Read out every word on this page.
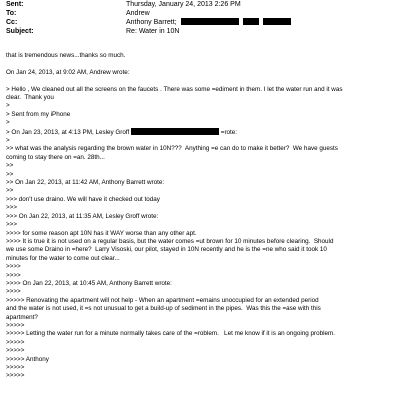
Sent:	Thursday, January 24, 2013 2:26 PM
To:	Andrew
Cc:	Anthony Barrett;
Subject:	Re: Water in 10N
that is tremendous news...thanks so much.
On Jan 24, 2013, at 9:02 AM, Andrew wrote:
> Hello , We cleaned out all the screens on the faucets . There was some =ediment in them. I let the water run and it was
clear.  Thank you
>
> Sent from my iPhone
>
> On Jan 23, 2013, at 4:13 PM, Lesley Groff	=rote:
>
>> what was the analysis regarding the brown water in 10N???  Anything =e can do to make it better?  We have guests
coming to stay there on =an. 28th...
>>
>>
>> On Jan 22, 2013, at 11:42 AM, Anthony Barrett wrote:
>>
>>> don't use draino. We will have it checked out today
>>>
>>> On Jan 22, 2013, at 11:35 AM, Lesley Groff wrote:
>>>
>>>> for some reason apt 10N has it WAY worse than any other apt.
>>>> It is true it is not used on a regular basis, but the water comes =ut brown for 10 minutes before clearing.  Should
we use some Draino in =here?  Larry Visoski, our pilot, stayed in 10N recently and he is the =ne who said it took 10
minutes for the water to come out clear...
>>>>
>>>>
>>>> On Jan 22, 2013, at 10:45 AM, Anthony Barrett wrote:
>>>>
>>>>> Renovating the apartment will not help - When an apartment =emains unoccupied for an extended period
and the water is not used, it =s not unusual to get a build-up of sediment in the pipes.  Was this the =ase with this
apartment?
>>>>>
>>>>> Letting the water run for a minute normally takes care of the =roblem.   Let me know if it is an ongoing problem.
>>>>>
>>>>>
>>>>> Anthony
>>>>>
>>>>>
